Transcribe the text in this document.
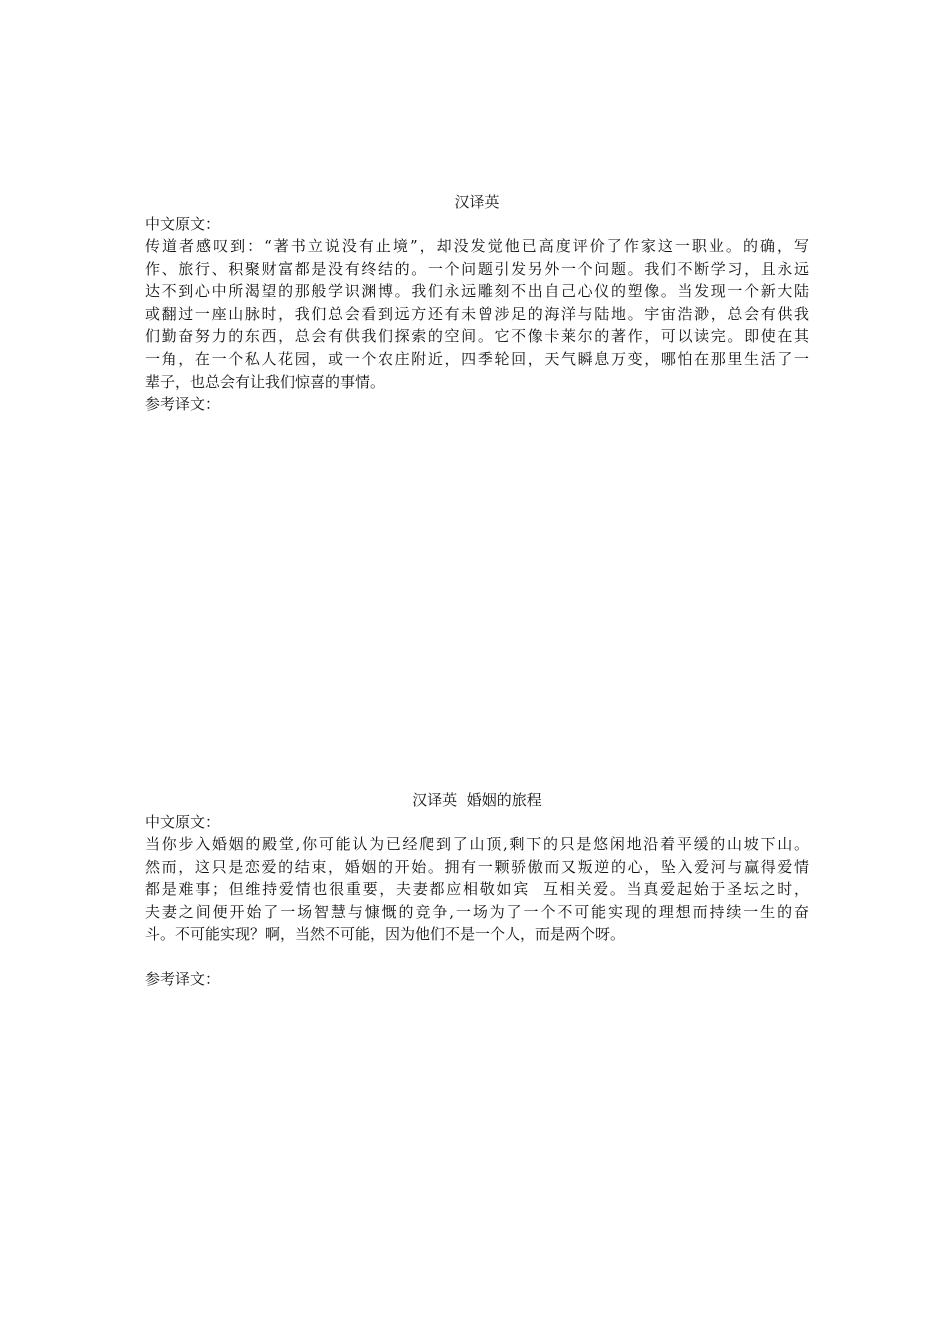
汉译英
中文原文：
传道者感叹到：“著书立说没有止境”，却没发觉他已高度评价了作家这一职业。的确，写
作、旅行、积聚财富都是没有终结的。一个问题引发另外一个问题。我们不断学习，且永远
达不到心中所渴望的那般学识渊博。我们永远雕刻不出自己心仪的塑像。当发现一个新大陆
或翻过一座山脉时，我们总会看到远方还有未曾涉足的海洋与陆地。宇宙浩渺，总会有供我
们勤奋努力的东西，总会有供我们探索的空间。它不像卡莱尔的著作，可以读完。即使在其
一角，在一个私人花园，或一个农庄附近，四季轮回，天气瞬息万变，哪怕在那里生活了一
辈子，也总会有让我们惊喜的事情。
参考译文：
汉译英  婚姻的旅程
中文原文：
当你步入婚姻的殿堂,你可能认为已经爬到了山顶,剩下的只是悠闲地沿着平缓的山坡下山。
然而，这只是恋爱的结束，婚姻的开始。拥有一颗骄傲而又叛逆的心，坠入爱河与赢得爱情
都是难事；但维持爱情也很重要，夫妻都应相敬如宾  互相关爱。当真爱起始于圣坛之时，
夫妻之间便开始了一场智慧与慷慨的竞争,一场为了一个不可能实现的理想而持续一生的奋
斗。不可能实现？啊，当然不可能，因为他们不是一个人，而是两个呀。
参考译文：
